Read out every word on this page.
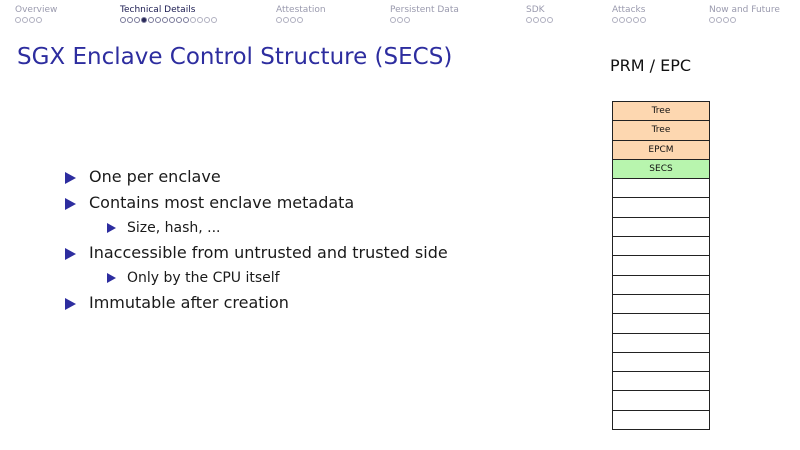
Overview	Technical Details	Attestation	Persistent Data	SDK	Attacks	Now and Future
SGX Enclave Control Structure (SECS)
One per enclave
Contains most enclave metadata
Size, hash, ...
Inaccessible from untrusted and trusted side
Only by the CPU itself
Immutable after creation
PRM / EPC
Tree
Tree
EPCM
SECS
